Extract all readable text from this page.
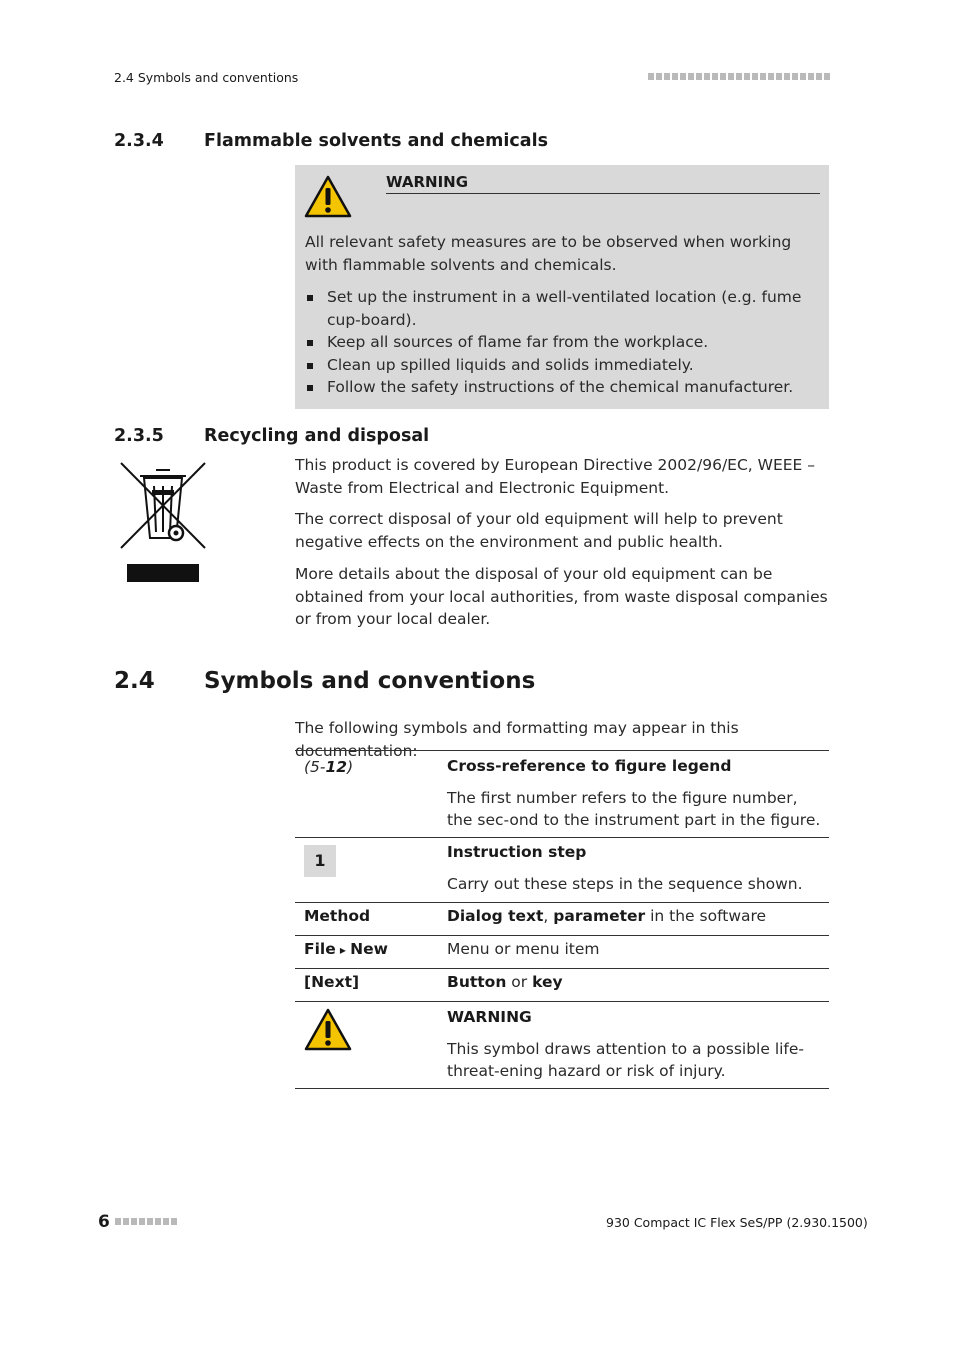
2.4 Symbols and conventions
2.3.4 Flammable solvents and chemicals
WARNING
All relevant safety measures are to be observed when working with flammable solvents and chemicals.
Set up the instrument in a well-ventilated location (e.g. fume cup-board).
Keep all sources of flame far from the workplace.
Clean up spilled liquids and solids immediately.
Follow the safety instructions of the chemical manufacturer.
2.3.5 Recycling and disposal
This product is covered by European Directive 2002/96/EC, WEEE – Waste from Electrical and Electronic Equipment.
The correct disposal of your old equipment will help to prevent negative effects on the environment and public health.
More details about the disposal of your old equipment can be obtained from your local authorities, from waste disposal companies or from your local dealer.
2.4 Symbols and conventions
The following symbols and formatting may appear in this documentation:
(5-12)	Cross-reference to figure legend
The first number refers to the figure number, the sec-ond to the instrument part in the figure.

1	Instruction step
Carry out these steps in the sequence shown.

Method	Dialog text, parameter in the software
File ▸ New	Menu or menu item
[Next]	Button or key

WARNING
This symbol draws attention to a possible life-threat-ening hazard or risk of injury.
6	930 Compact IC Flex SeS/PP (2.930.1500)
